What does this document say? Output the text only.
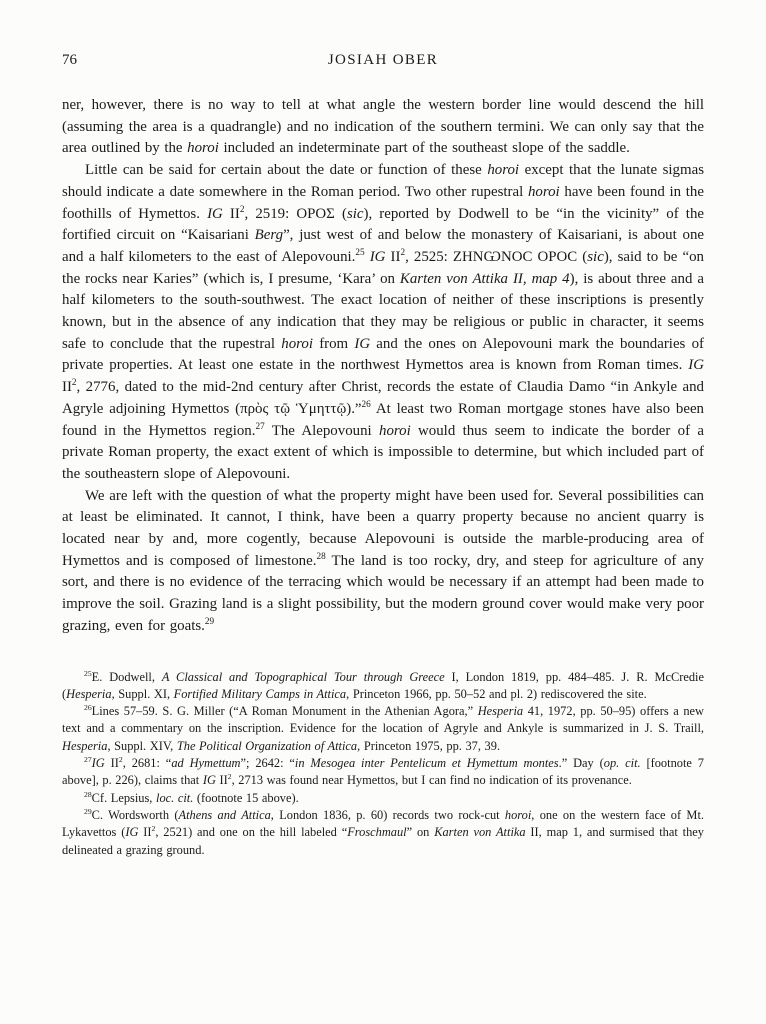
76	JOSIAH OBER

ner, however, there is no way to tell at what angle the western border line would descend the hill (assuming the area is a quadrangle) and no indication of the southern termini. We can only say that the area outlined by the horoi included an indeterminate part of the southeast slope of the saddle.

Little can be said for certain about the date or function of these horoi except that the lunate sigmas should indicate a date somewhere in the Roman period. Two other rupestral horoi have been found in the foothills of Hymettos. IG $II^2$, 2519: ΟΡΟΣ (sic), reported by Dodwell to be “in the vicinity” of the fortified circuit on “Kaisariani Berg”, just west of and below the monastery of Kaisariani, is about one and a half kilometers to the east of Alepovouni.$^{25}$ IG $II^2$, 2525: ΖΗΝѠΝΟC ΟΡΟC (sic), said to be “on the rocks near Karies” (which is, I presume, ‘Kara’ on Karten von Attika II, map 4), is about three and a half kilometers to the south-southwest. The exact location of neither of these inscriptions is presently known, but in the absence of any indication that they may be religious or public in character, it seems safe to conclude that the rupestral horoi from IG and the ones on Alepovouni mark the boundaries of private properties. At least one estate in the northwest Hymettos area is known from Roman times. IG $II^2$, 2776, dated to the mid-2nd century after Christ, records the estate of Claudia Damo “in Ankyle and Agryle adjoining Hymettos (πρὸς τῷ Ὑμηττῷ).”$^{26}$ At least two Roman mortgage stones have also been found in the Hymettos region.$^{27}$ The Alepovouni horoi would thus seem to indicate the border of a private Roman property, the exact extent of which is impossible to determine, but which included part of the southeastern slope of Alepovouni.

We are left with the question of what the property might have been used for. Several possibilities can at least be eliminated. It cannot, I think, have been a quarry property because no ancient quarry is located near by and, more cogently, because Alepovouni is outside the marble-producing area of Hymettos and is composed of limestone.$^{28}$ The land is too rocky, dry, and steep for agriculture of any sort, and there is no evidence of the terracing which would be necessary if an attempt had been made to improve the soil. Grazing land is a slight possibility, but the modern ground cover would make very poor grazing, even for goats.$^{29}$

$^{25}$E. Dodwell, A Classical and Topographical Tour through Greece I, London 1819, pp. 484–485. J. R. McCredie (Hesperia, Suppl. XI, Fortified Military Camps in Attica, Princeton 1966, pp. 50–52 and pl. 2) rediscovered the site.

$^{26}$Lines 57–59. S. G. Miller (“A Roman Monument in the Athenian Agora,” Hesperia 41, 1972, pp. 50–95) offers a new text and a commentary on the inscription. Evidence for the location of Agryle and Ankyle is summarized in J. S. Traill, Hesperia, Suppl. XIV, The Political Organization of Attica, Princeton 1975, pp. 37, 39.

$^{27}$IG $II^2$, 2681: “ad Hymettum”; 2642: “in Mesogea inter Pentelicum et Hymettum montes.” Day (op. cit. [footnote 7 above], p. 226), claims that IG $II^2$, 2713 was found near Hymettos, but I can find no indication of its provenance.

$^{28}$Cf. Lepsius, loc. cit. (footnote 15 above).

$^{29}$C. Wordsworth (Athens and Attica, London 1836, p. 60) records two rock-cut horoi, one on the western face of Mt. Lykavettos (IG $II^2$, 2521) and one on the hill labeled “Froschmaul” on Karten von Attika II, map 1, and surmised that they delineated a grazing ground.
